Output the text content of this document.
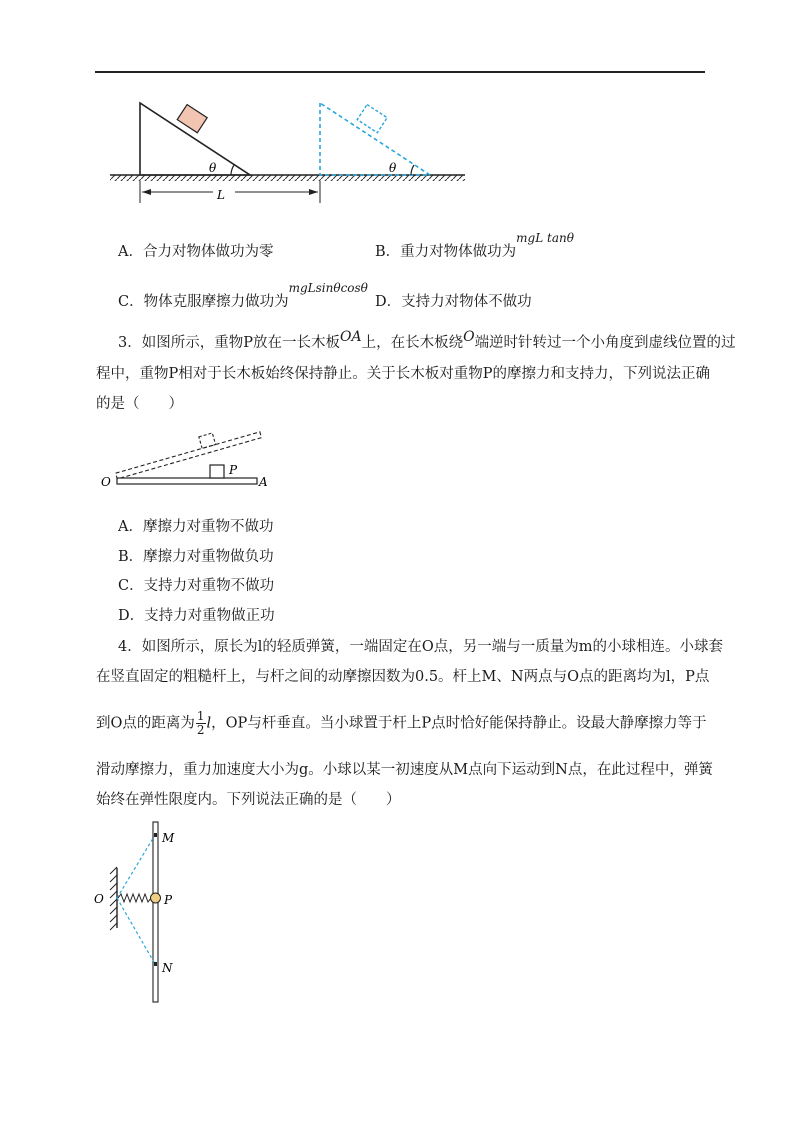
θ	θ
L
A．合力对物体做功为零	B．重力对物体做功为$^{mgL tan\theta}$
C．物体克服摩擦力做功为$^{mgLsin\theta cos\theta}$
D．支持力对物体不做功
3．如图所示，重物P放在一长木板OA上，在长木板绕O端逆时针转过一个小角度到虚线位置的过
程中，重物P相对于长木板始终保持静止。关于长木板对重物P的摩擦力和支持力，下列说法正确
的是（　　）
O	A
P
A．摩擦力对重物不做功
B．摩擦力对重物做负功
C．支持力对重物不做功
D．支持力对重物做正功
4．如图所示，原长为l的轻质弹簧，一端固定在O点，另一端与一质量为m的小球相连。小球套
在竖直固定的粗糙杆上，与杆之间的动摩擦因数为0.5。杆上M、N两点与O点的距离均为l，P点
到O点的距离为 $\frac{1}{2}$ l，OP与杆垂直。当小球置于杆上P点时恰好能保持静止。设最大静摩擦力等于
滑动摩擦力，重力加速度大小为g。小球以某一初速度从M点向下运动到N点，在此过程中，弹簧
始终在弹性限度内。下列说法正确的是（　　）
M
O	P
N
